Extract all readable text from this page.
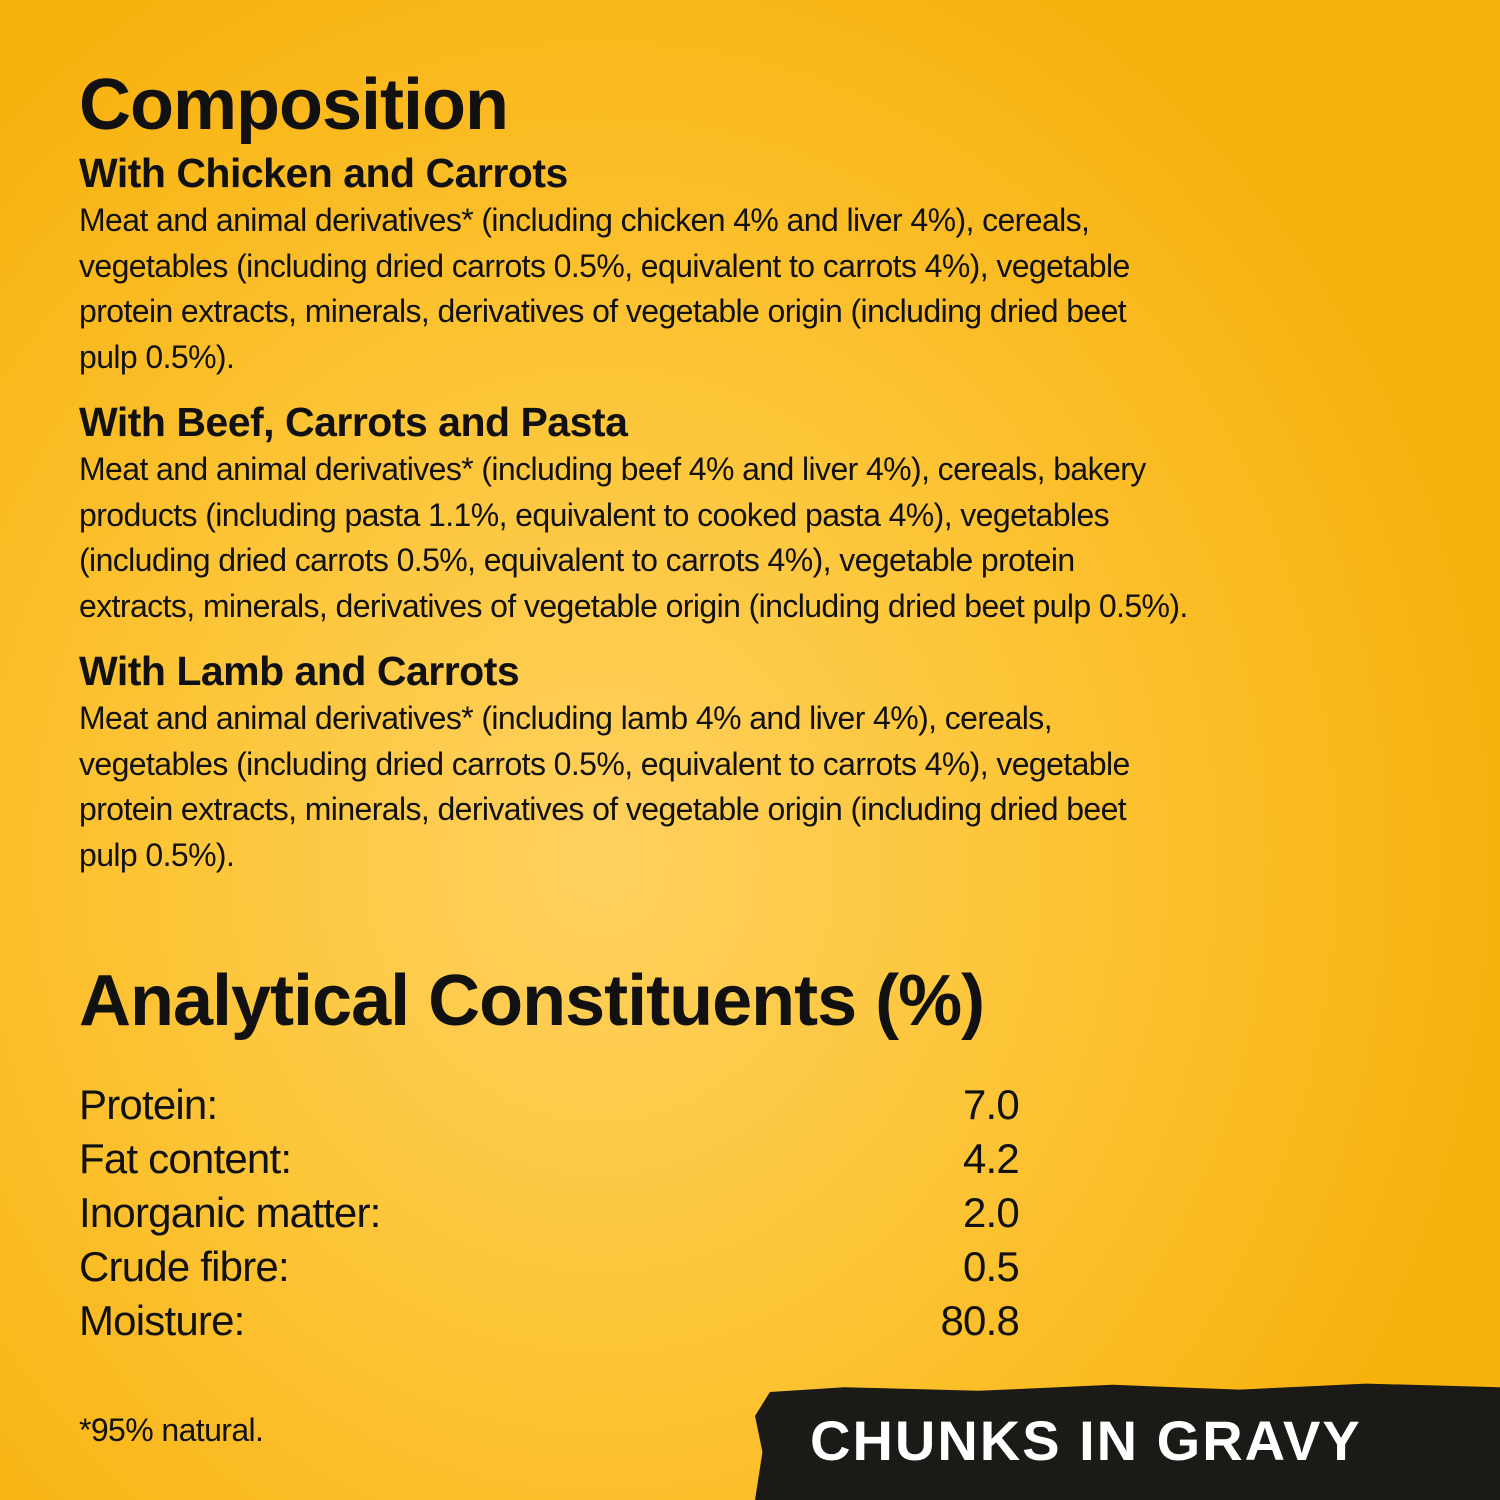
Composition
With Chicken and Carrots

Meat and animal derivatives* (including chicken 4% and liver 4%), cereals,
vegetables (including dried carrots 0.5%, equivalent to carrots 4%), vegetable
protein extracts, minerals, derivatives of vegetable origin (including dried beet
pulp 0.5%).

With Beef, Carrots and Pasta

Meat and animal derivatives* (including beef 4% and liver 4%), cereals, bakery
products (including pasta 1.1%, equivalent to cooked pasta 4%), vegetables
(including dried carrots 0.5%, equivalent to carrots 4%), vegetable protein
extracts, minerals, derivatives of vegetable origin (including dried beet pulp 0.5%).

With Lamb and Carrots

Meat and animal derivatives* (including lamb 4% and liver 4%), cereals,
vegetables (including dried carrots 0.5%, equivalent to carrots 4%), vegetable
protein extracts, minerals, derivatives of vegetable origin (including dried beet
pulp 0.5%).

Analytical Constituents (%)
Protein:	7.0
Fat content:	4.2
Inorganic matter:	2.0
Crude fibre:	0.5
Moisture:	80.8
*95% natural.	CHUNKS IN GRAVY
